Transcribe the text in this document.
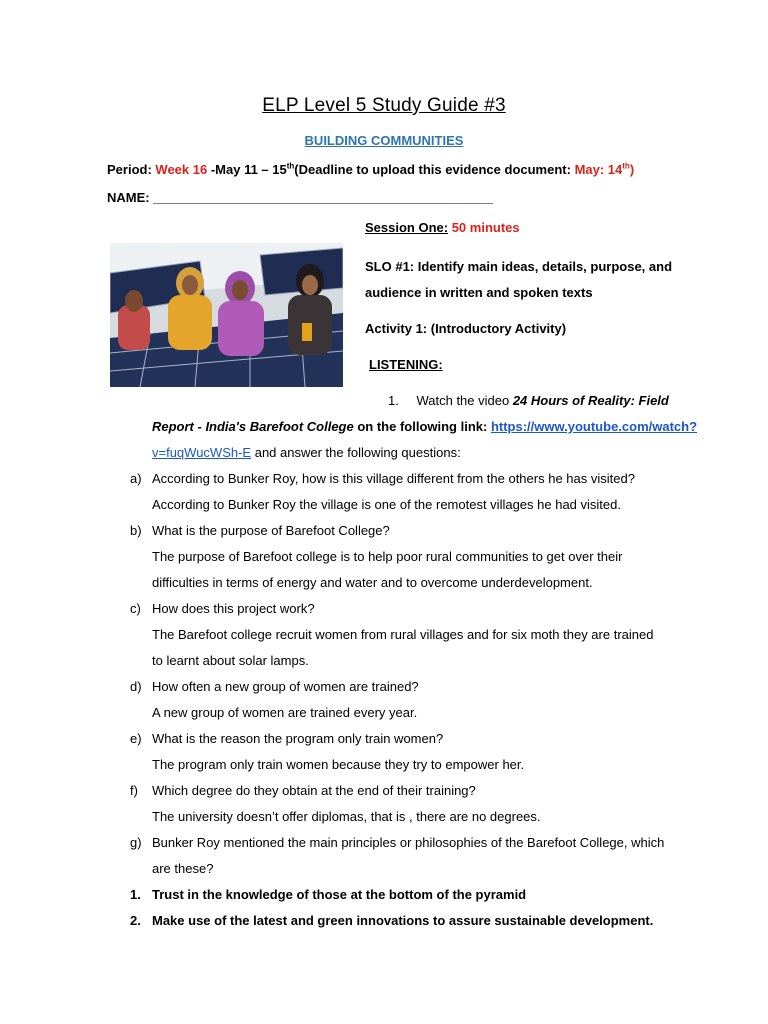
ELP Level 5 Study Guide #3
BUILDING COMMUNITIES
Period: Week 16 -May 11 – 15th(Deadline to upload this evidence document: May: 14th)
NAME: _______________________________________________
Session One: 50 minutes
SLO #1: Identify main ideas, details, purpose, and
audience in written and spoken texts
Activity 1: (Introductory Activity)
LISTENING:
1. Watch the video 24 Hours of Reality: Field
Report - India's Barefoot College on the following link: https://www.youtube.com/watch?
v=fuqWucWSh-E and answer the following questions:
a) According to Bunker Roy, how is this village different from the others he has visited?
According to Bunker Roy the village is one of the remotest villages he had visited.
b) What is the purpose of Barefoot College?
The purpose of Barefoot college is to help poor rural communities to get over their
difficulties in terms of energy and water and to overcome underdevelopment.
c) How does this project work?
The Barefoot college recruit women from rural villages and for six moth they are trained
to learnt about solar lamps.
d) How often a new group of women are trained?
A new group of women are trained every year.
e) What is the reason the program only train women?
The program only train women because they try to empower her.
f) Which degree do they obtain at the end of their training?
The university doesn’t offer diplomas, that is , there are no degrees.
g) Bunker Roy mentioned the main principles or philosophies of the Barefoot College, which
are these?
1. Trust in the knowledge of those at the bottom of the pyramid
2. Make use of the latest and green innovations to assure sustainable development.
